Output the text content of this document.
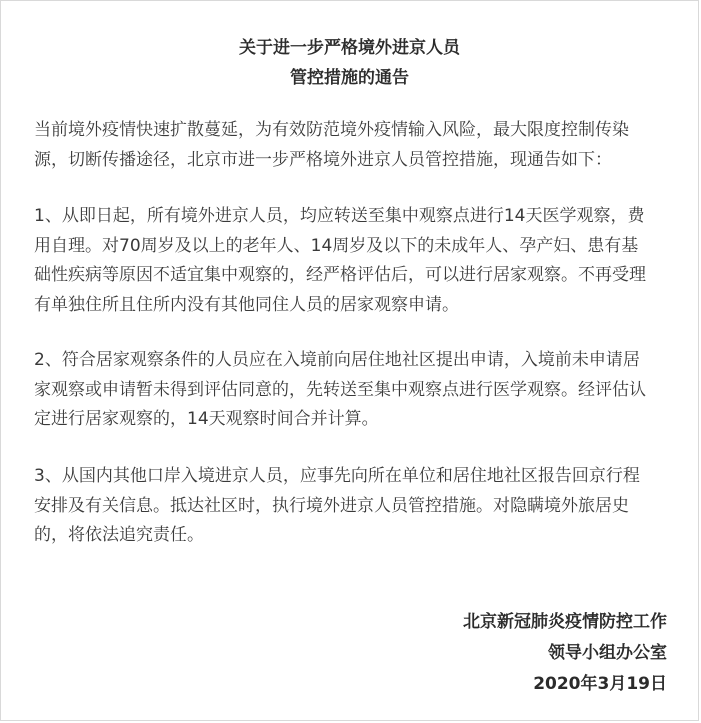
关于进一步严格境外进京人员
管控措施的通告

当前境外疫情快速扩散蔓延，为有效防范境外疫情输入风险，最大限度控制传染
源，切断传播途径，北京市进一步严格境外进京人员管控措施，现通告如下：

1、从即日起，所有境外进京人员，均应转送至集中观察点进行14天医学观察，费
用自理。对70周岁及以上的老年人、14周岁及以下的未成年人、孕产妇、患有基
础性疾病等原因不适宜集中观察的，经严格评估后，可以进行居家观察。不再受理
有单独住所且住所内没有其他同住人员的居家观察申请。

2、符合居家观察条件的人员应在入境前向居住地社区提出申请，入境前未申请居
家观察或申请暂未得到评估同意的，先转送至集中观察点进行医学观察。经评估认
定进行居家观察的，14天观察时间合并计算。

3、从国内其他口岸入境进京人员，应事先向所在单位和居住地社区报告回京行程
安排及有关信息。抵达社区时，执行境外进京人员管控措施。对隐瞒境外旅居史
的，将依法追究责任。

北京新冠肺炎疫情防控工作
领导小组办公室
2020年3月19日
